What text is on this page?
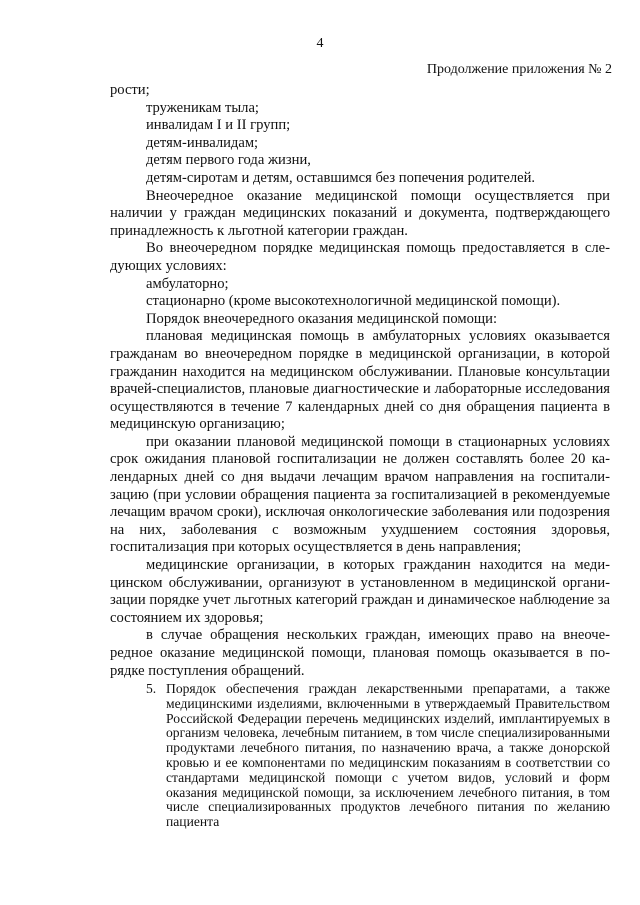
4
Продолжение приложения № 2

рости;

труженикам тыла;

инвалидам I и II групп;

детям-инвалидам;

детям первого года жизни,

детям-сиротам и детям, оставшимся без попечения родителей.

Внеочередное оказание медицинской помощи осуществляется при наличии у граждан медицинских показаний и документа, подтверждающего принадлежность к льготной категории граждан.

Во внеочередном порядке медицинская помощь предоставляется в следующих условиях:

амбулаторно;

стационарно (кроме высокотехнологичной медицинской помощи).

Порядок внеочередного оказания медицинской помощи:

плановая медицинская помощь в амбулаторных условиях оказывается гражданам во внеочередном порядке в медицинской организации, в которой гражданин находится на медицинском обслуживании. Плановые консультации врачей-специалистов, плановые диагностические и лабораторные исследования осуществляются в течение 7 календарных дней со дня обращения пациента в медицинскую организацию;

при оказании плановой медицинской помощи в стационарных условиях срок ожидания плановой госпитализации не должен составлять более 20 календарных дней со дня выдачи лечащим врачом направления на госпитализацию (при условии обращения пациента за госпитализацией в рекомендуемые лечащим врачом сроки), исключая онкологические заболевания или подозрения на них, заболевания с возможным ухудшением состояния здоровья, госпитализация при которых осуществляется в день направления;

медицинские организации, в которых гражданин находится на медицинском обслуживании, организуют в установленном в медицинской организации порядке учет льготных категорий граждан и динамическое наблюдение за состоянием их здоровья;

в случае обращения нескольких граждан, имеющих право на внеочередное оказание медицинской помощи, плановая помощь оказывается в порядке поступления обращений.

5. Порядок обеспечения граждан лекарственными препаратами, а также медицинскими изделиями, включенными в утверждаемый Правительством Российской Федерации перечень медицинских изделий, имплантируемых в организм человека, лечебным питанием, в том числе специализированными продуктами лечебного питания, по назначению врача, а также донорской кровью и ее компонентами по медицинским показаниям в соответствии со стандартами медицинской помощи с учетом видов, условий и форм оказания медицинской помощи, за исключением лечебного питания, в том числе специализированных продуктов лечебного питания по желанию пациента
